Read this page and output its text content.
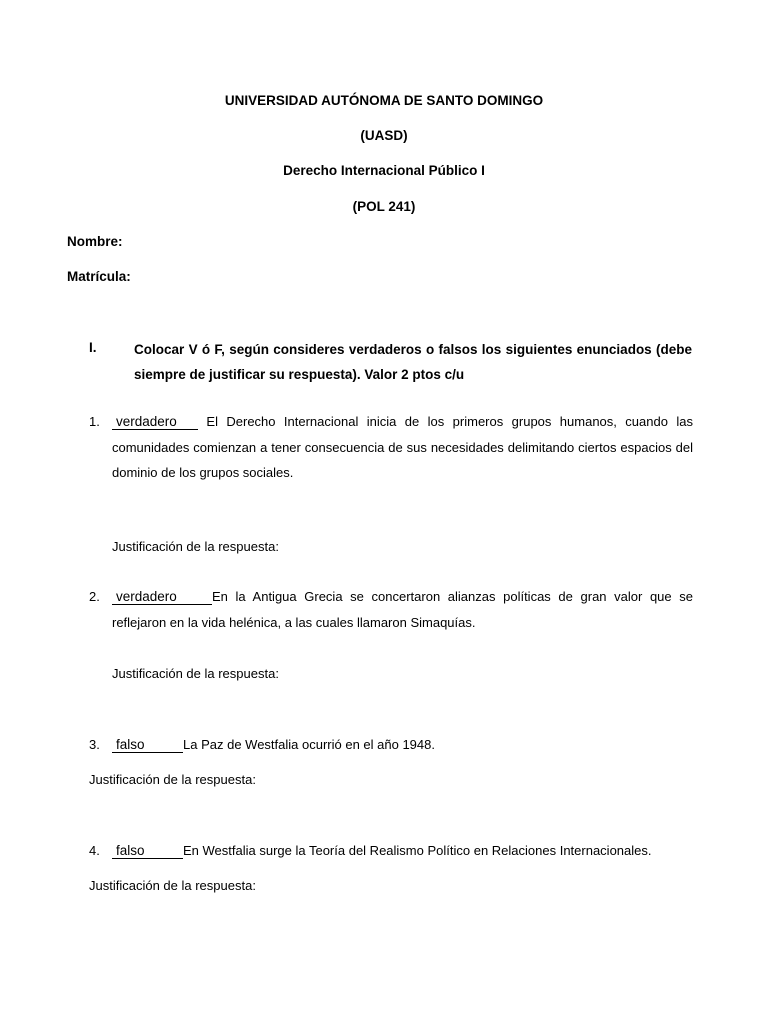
UNIVERSIDAD AUTÓNOMA DE SANTO DOMINGO
(UASD)
Derecho Internacional Público I
(POL 241)
Nombre:
Matrícula:
I.	Colocar V ó F, según consideres verdaderos o falsos los siguientes enunciados (debe siempre de justificar su respuesta). Valor 2 ptos c/u
1. verdadero El Derecho Internacional inicia de los primeros grupos humanos, cuando las comunidades comienzan a tener consecuencia de sus necesidades delimitando ciertos espacios del dominio de los grupos sociales.
Justificación de la respuesta:
2. verdadero	En la Antigua Grecia se concertaron alianzas políticas de gran valor que se reflejaron en la vida helénica, a las cuales llamaron Simaquías.
Justificación de la respuesta:
3. falso	La Paz de Westfalia ocurrió en el año 1948.
Justificación de la respuesta:
4. falso	En Westfalia surge la Teoría del Realismo Político en Relaciones Internacionales.
Justificación de la respuesta:
